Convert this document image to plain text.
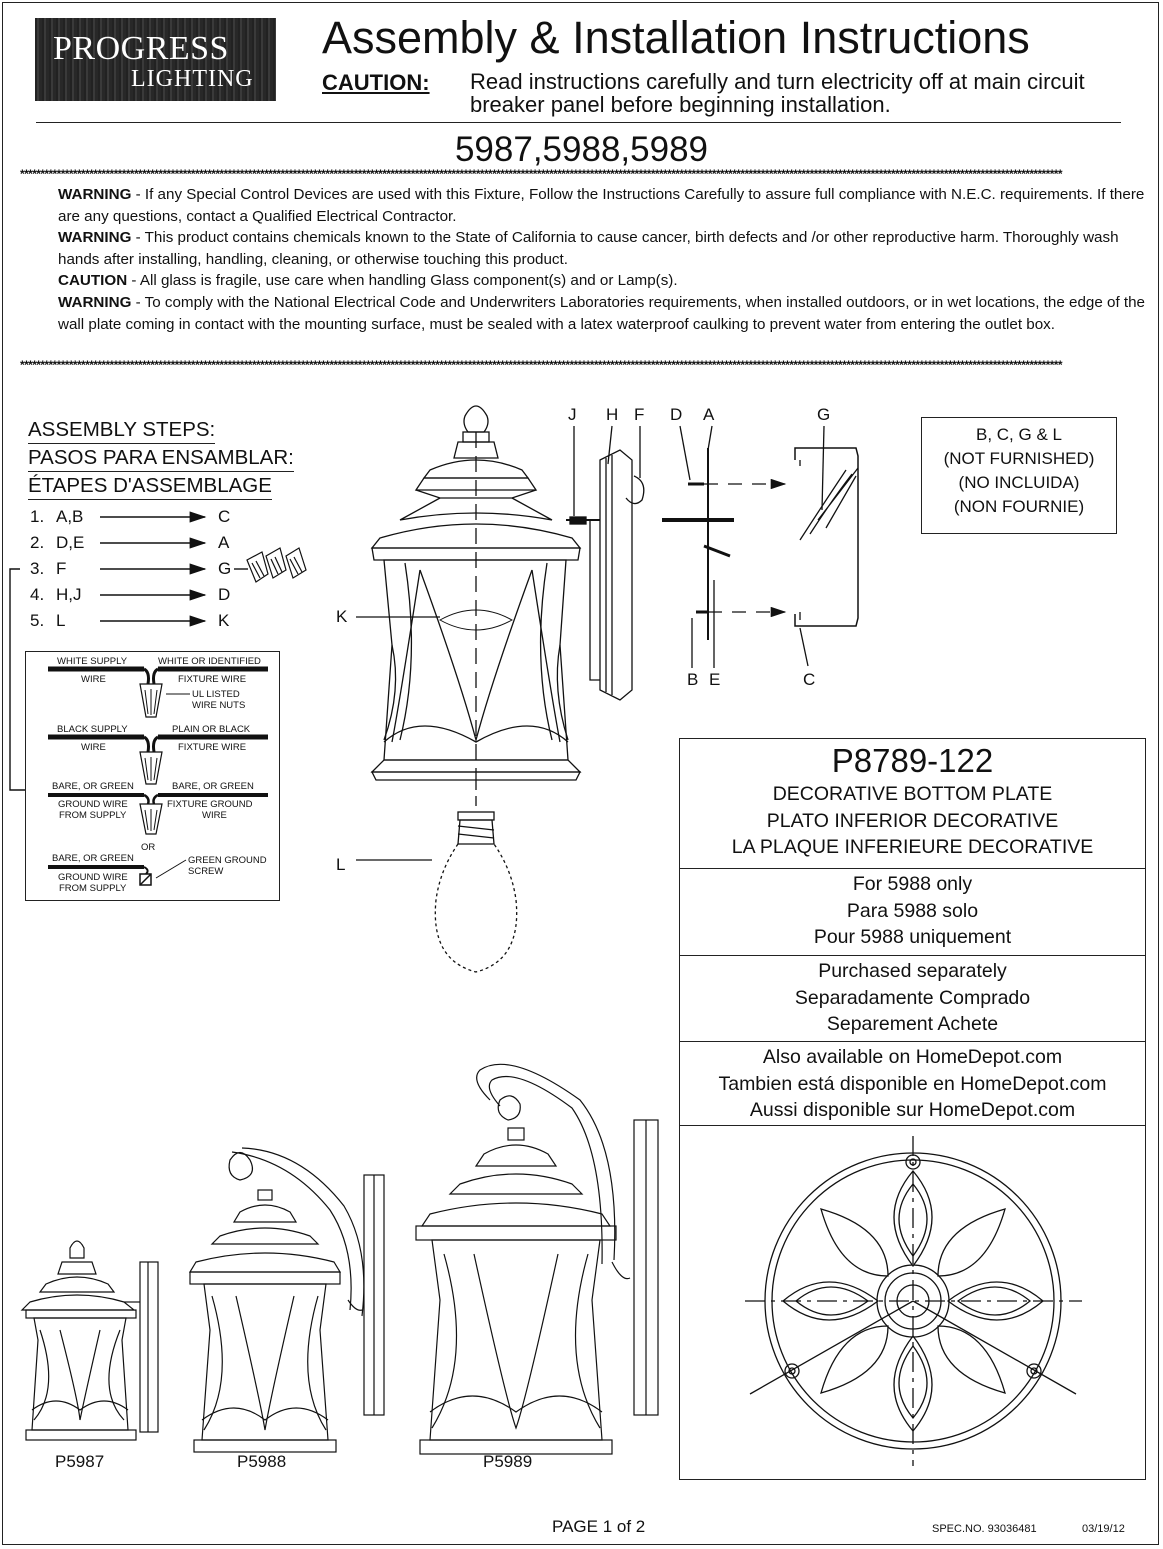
PROGRESS
LIGHTING
Assembly & Installation Instructions
CAUTION: Read instructions carefully and turn electricity off at main circuit breaker panel before beginning installation.
5987,5988,5989
****************************************************************************************************************************************************************************************************************************************************************

WARNING - If any Special Control Devices are used with this Fixture, Follow the Instructions Carefully to assure full compliance with N.E.C. requirements. If there are any questions, contact a Qualified Electrical Contractor.

WARNING - This product contains chemicals known to the State of California to cause cancer, birth defects and /or other reproductive harm. Thoroughly wash hands after installing, handling, cleaning, or otherwise touching this product.

CAUTION - All glass is fragile, use care when handling Glass component(s) and or Lamp(s).

WARNING - To comply with the National Electrical Code and Underwriters Laboratories requirements, when installed outdoors, or in wet locations, the edge of the wall plate coming in contact with the mounting surface, must be sealed with a latex waterproof caulking to prevent water from entering the outlet box.

****************************************************************************************************************************************************************************************************************************************************************
ASSEMBLY STEPS:
PASOS PARA ENSAMBLAR:
ÉTAPES D'ASSEMBLAGE
1. A,B	C
2. D,E	A
3. F	G
4. H,J	D
5. L	K
WHITE SUPPLY	WHITE OR IDENTIFIED
WIRE	FIXTURE WIRE
UL LISTED
WIRE NUTS
BLACK SUPPLY	PLAIN OR BLACK
WIRE	FIXTURE WIRE
BARE, OR GREEN	BARE, OR GREEN
GROUND WIRE
FROM SUPPLY
FIXTURE GROUND
WIRE
OR
BARE, OR GREEN
GROUND WIRE
FROM SUPPLY
GREEN GROUND
SCREW
J H F D A	G
K
L
B E	C
B, C, G & L
(NOT FURNISHED)
(NO INCLUIDA)
(NON FOURNIE)
P8789-122
DECORATIVE BOTTOM PLATE
PLATO INFERIOR DECORATIVE
LA PLAQUE INFERIEURE DECORATIVE
For 5988 only
Para 5988 solo
Pour 5988 uniquement
Purchased separately
Separadamente Comprado
Separement Achete
Also available on HomeDepot.com
Tambien está disponible en HomeDepot.com
Aussi disponible sur HomeDepot.com
P5987	P5988	P5989
PAGE 1 of 2	SPEC.NO. 93036481	03/19/12
